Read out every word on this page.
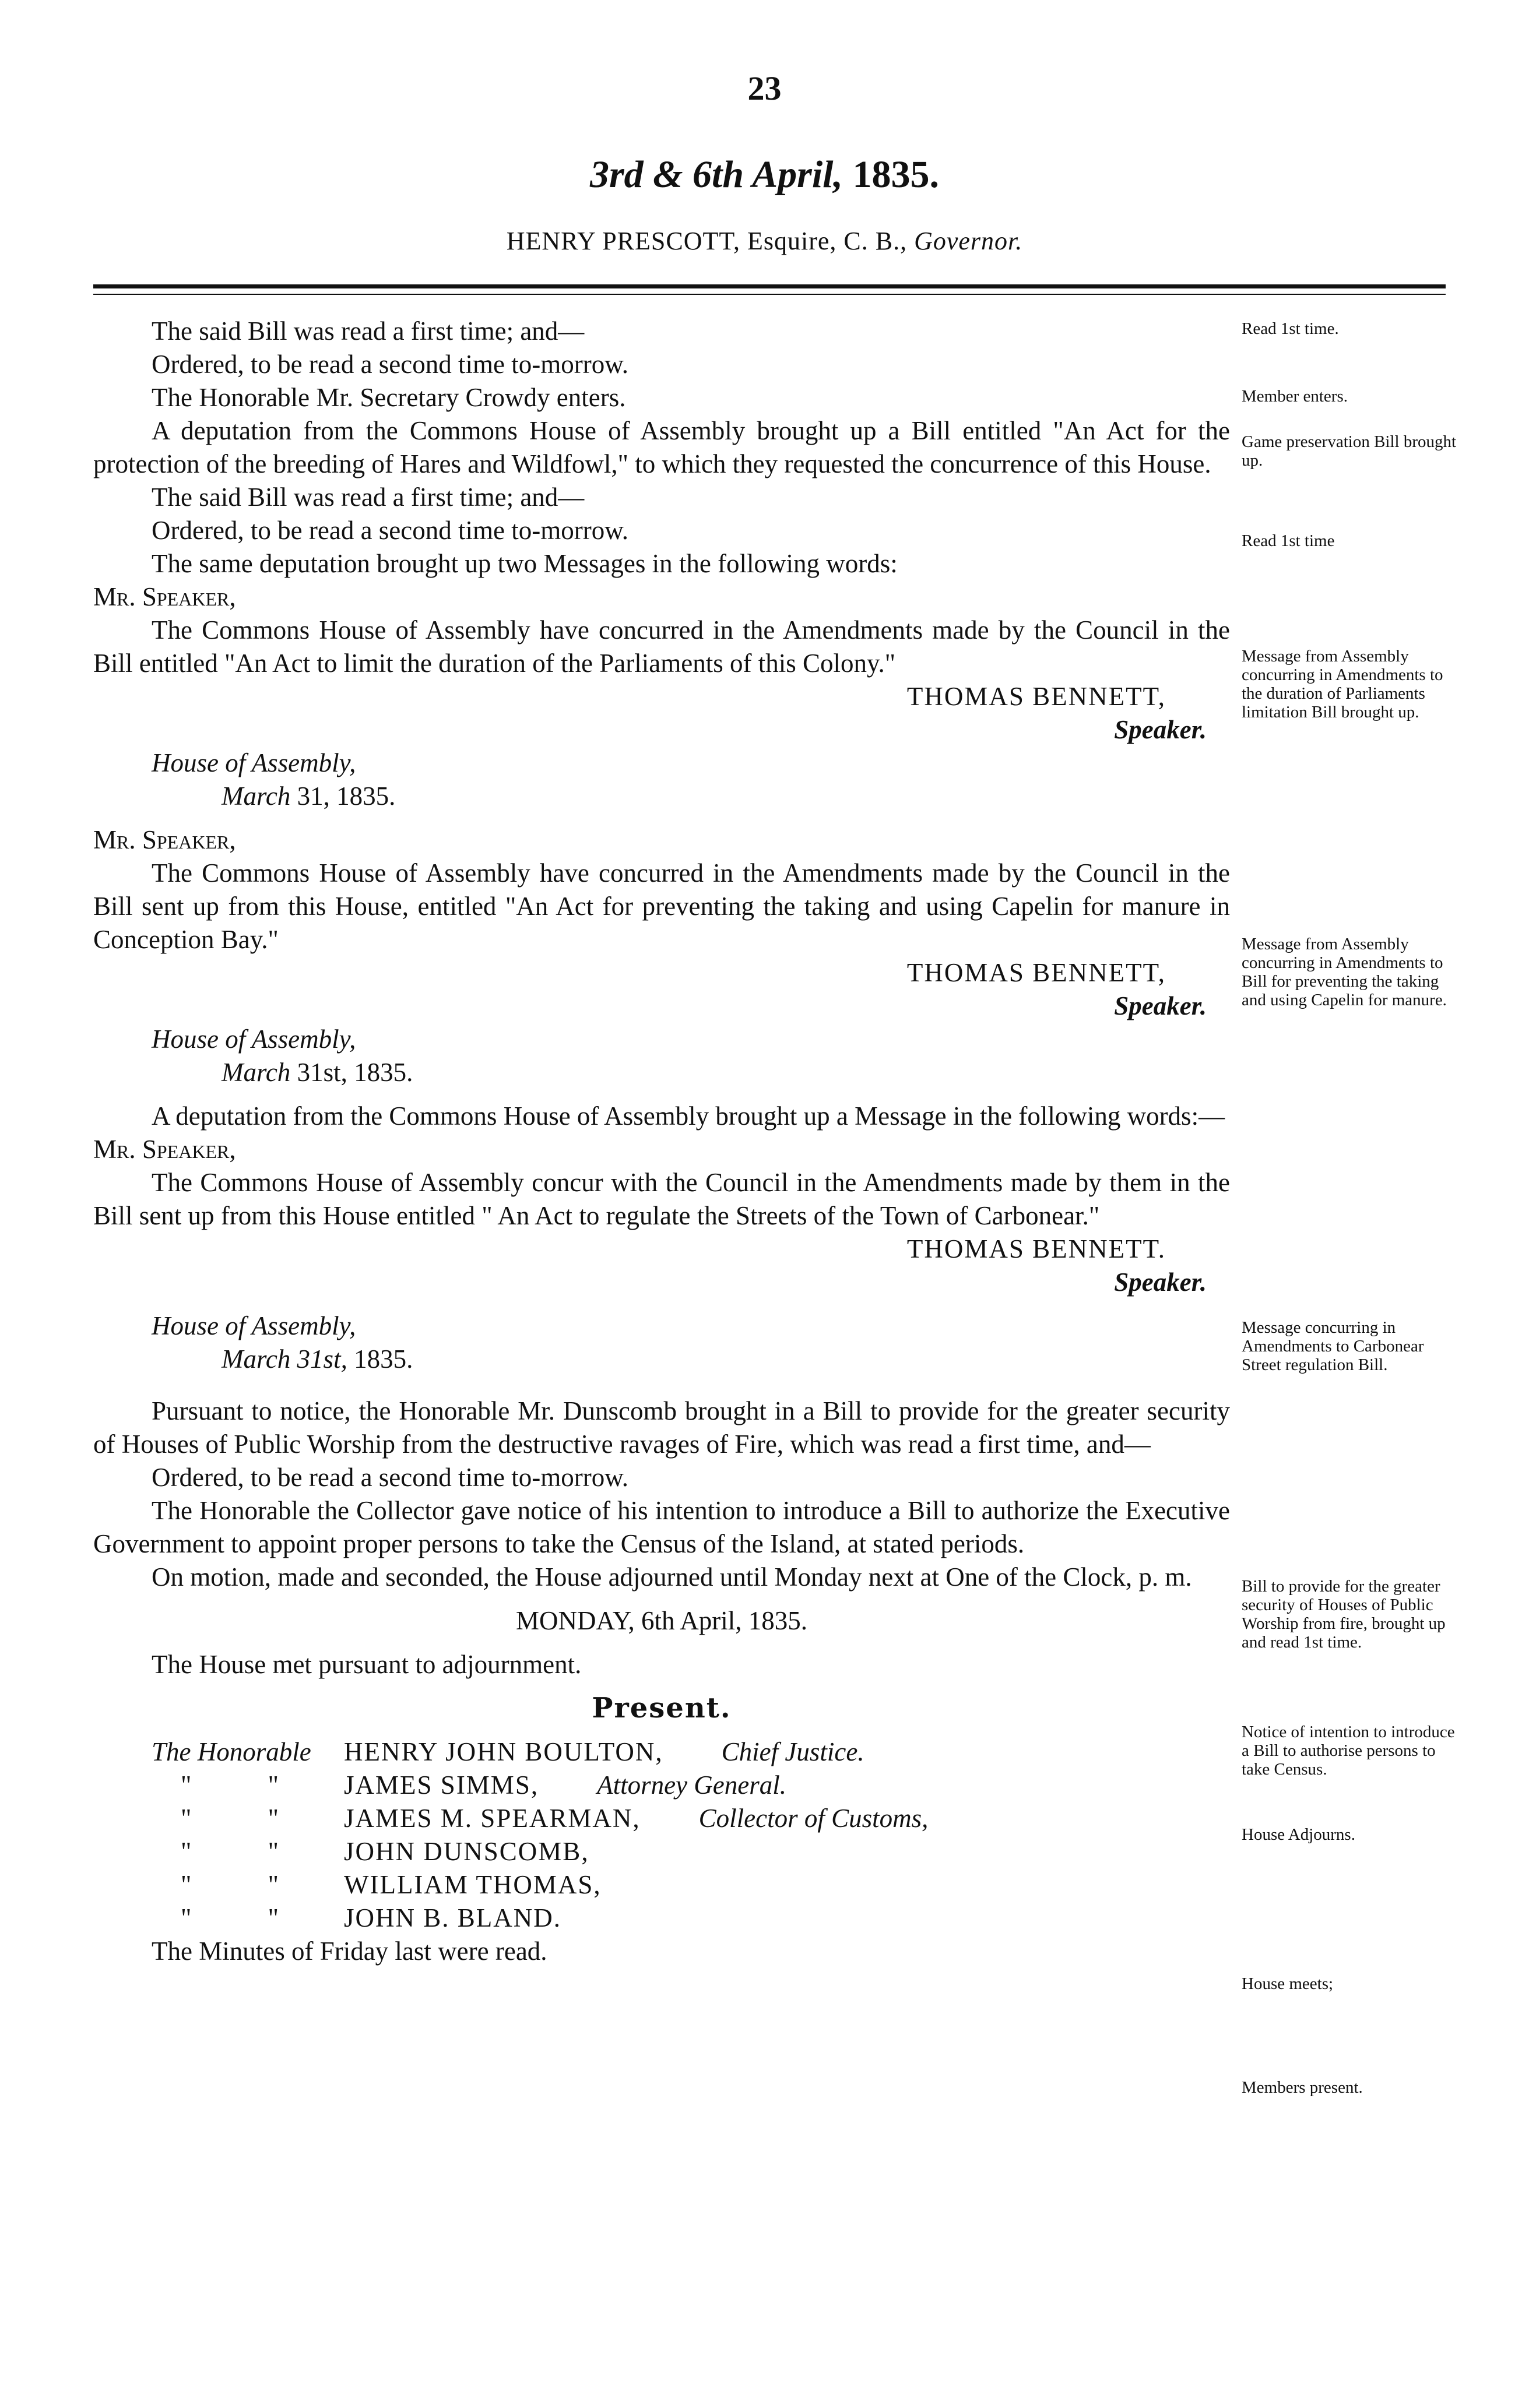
23
3rd & 6th April, 1835.
HENRY PRESCOTT, Esquire, C. B., Governor.

The said Bill was read a first time; and—

Ordered, to be read a second time to-morrow.

The Honorable Mr. Secretary Crowdy enters.

A deputation from the Commons House of Assembly brought up a Bill entitled "An Act for the protection of the breeding of Hares and Wildfowl," to which they requested the concurrence of this House.

The said Bill was read a first time; and—

Ordered, to be read a second time to-morrow.

The same deputation brought up two Messages in the following words:

Mr. Speaker,

The Commons House of Assembly have concurred in the Amendments made by the Council in the Bill entitled "An Act to limit the duration of the Parliaments of this Colony."

THOMAS BENNETT,

Speaker.

House of Assembly,

March 31, 1835.

Mr. Speaker,

The Commons House of Assembly have concurred in the Amendments made by the Council in the Bill sent up from this House, entitled "An Act for preventing the taking and using Capelin for manure in Conception Bay."

THOMAS BENNETT,

Speaker.

House of Assembly,

March 31st, 1835.

A deputation from the Commons House of Assembly brought up a Message in the following words:—

Mr. Speaker,

The Commons House of Assembly concur with the Council in the Amendments made by them in the Bill sent up from this House entitled " An Act to regulate the Streets of the Town of Carbonear."

THOMAS BENNETT.

Speaker.

House of Assembly,

March 31st, 1835.

Pursuant to notice, the Honorable Mr. Dunscomb brought in a Bill to provide for the greater security of Houses of Public Worship from the destructive ravages of Fire, which was read a first time, and—

Ordered, to be read a second time to-morrow.

The Honorable the Collector gave notice of his intention to introduce a Bill to authorize the Executive Government to appoint proper persons to take the Census of the Island, at stated periods.

On motion, made and seconded, the House adjourned until Monday next at One of the Clock, p. m.

MONDAY, 6th April, 1835.

The House met pursuant to adjournment.

Present.

The Honorable	HENRY JOHN BOULTON,	Chief Justice.

" "	JAMES SIMMS,	Attorney General.

" "	JAMES M. SPEARMAN,	Collector of Customs,

" "	JOHN DUNSCOMB,

" "	WILLIAM THOMAS,

" "	JOHN B. BLAND.

The Minutes of Friday last were read.

Read 1st time.
Member enters.
Game preservation Bill brought up.
Read 1st time
Message from Assembly concurring in Amendments to the duration of Parliaments limitation Bill brought up.
Message from Assembly concurring in Amendments to Bill for preventing the taking and using Capelin for manure.
Message concurring in Amendments to Carbonear Street regulation Bill.
Bill to provide for the greater security of Houses of Public Worship from fire, brought up and read 1st time.
Notice of intention to introduce a Bill to authorise persons to take Census.
House Adjourns.
House meets;
Members present.
